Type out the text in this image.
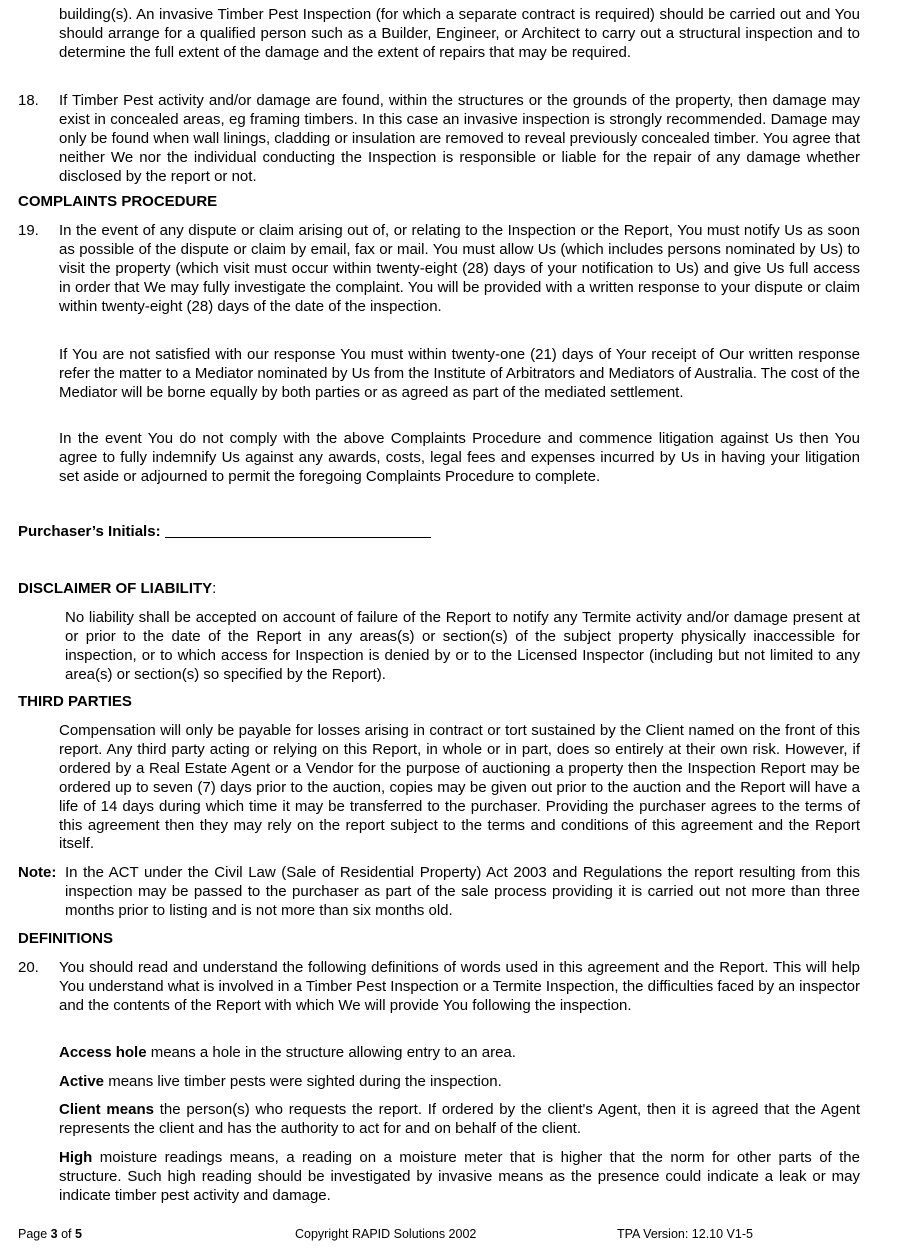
building(s). An invasive Timber Pest Inspection (for which a separate contract is required) should be carried out and You should arrange for a qualified person such as a Builder, Engineer, or Architect to carry out a structural inspection and to determine the full extent of the damage and the extent of repairs that may be required.

18. If Timber Pest activity and/or damage are found, within the structures or the grounds of the property, then damage may exist in concealed areas, eg framing timbers. In this case an invasive inspection is strongly recommended. Damage may only be found when wall linings, cladding or insulation are removed to reveal previously concealed timber. You agree that neither We nor the individual conducting the Inspection is responsible or liable for the repair of any damage whether disclosed by the report or not.

COMPLAINTS PROCEDURE
19. In the event of any dispute or claim arising out of, or relating to the Inspection or the Report, You must notify Us as soon as possible of the dispute or claim by email, fax or mail. You must allow Us (which includes persons nominated by Us) to visit the property (which visit must occur within twenty-eight (28) days of your notification to Us) and give Us full access in order that We may fully investigate the complaint. You will be provided with a written response to your dispute or claim within twenty-eight (28) days of the date of the inspection.

If You are not satisfied with our response You must within twenty-one (21) days of Your receipt of Our written response refer the matter to a Mediator nominated by Us from the Institute of Arbitrators and Mediators of Australia. The cost of the Mediator will be borne equally by both parties or as agreed as part of the mediated settlement.

In the event You do not comply with the above Complaints Procedure and commence litigation against Us then You agree to fully indemnify Us against any awards, costs, legal fees and expenses incurred by Us in having your litigation set aside or adjourned to permit the foregoing Complaints Procedure to complete.

Purchaser’s Initials:
DISCLAIMER OF LIABILITY:

No liability shall be accepted on account of failure of the Report to notify any Termite activity and/or damage present at or prior to the date of the Report in any areas(s) or section(s) of the subject property physically inaccessible for inspection, or to which access for Inspection is denied by or to the Licensed Inspector (including but not limited to any area(s) or section(s) so specified by the Report).

THIRD PARTIES

Compensation will only be payable for losses arising in contract or tort sustained by the Client named on the front of this report. Any third party acting or relying on this Report, in whole or in part, does so entirely at their own risk. However, if ordered by a Real Estate Agent or a Vendor for the purpose of auctioning a property then the Inspection Report may be ordered up to seven (7) days prior to the auction, copies may be given out prior to the auction and the Report will have a life of 14 days during which time it may be transferred to the purchaser. Providing the purchaser agrees to the terms of this agreement then they may rely on the report subject to the terms and conditions of this agreement and the Report itself.

Note: In the ACT under the Civil Law (Sale of Residential Property) Act 2003 and Regulations the report resulting from this inspection may be passed to the purchaser as part of the sale process providing it is carried out not more than three months prior to listing and is not more than six months old.

DEFINITIONS
20. You should read and understand the following definitions of words used in this agreement and the Report. This will help You understand what is involved in a Timber Pest Inspection or a Termite Inspection, the difficulties faced by an inspector and the contents of the Report with which We will provide You following the inspection.

Access hole means a hole in the structure allowing entry to an area.

Active means live timber pests were sighted during the inspection.

Client means the person(s) who requests the report. If ordered by the client's Agent, then it is agreed that the Agent represents the client and has the authority to act for and on behalf of the client.

High moisture readings means, a reading on a moisture meter that is higher that the norm for other parts of the structure. Such high reading should be investigated by invasive means as the presence could indicate a leak or may indicate timber pest activity and damage.

Page 3 of 5	Copyright RAPID Solutions 2002	TPA Version: 12.10 V1-5
